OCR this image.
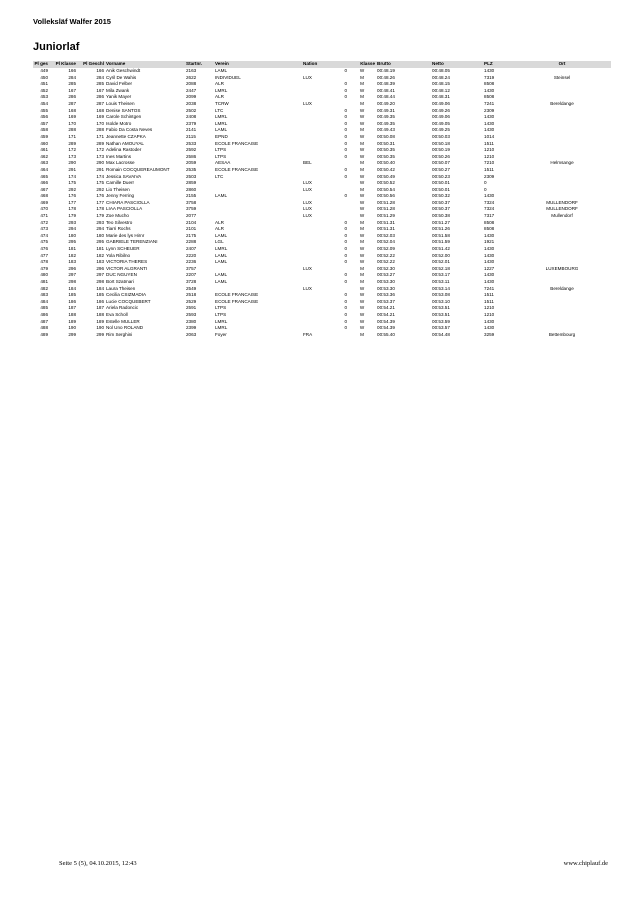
Volleksläf Walfer 2015
Juniorlaf
Pl ges	Pl Klasse	Pl Geschl	Vorname	Startnr.	Verein	Nation	Klasse		Brutto	Netto	PLZ	Ort
449	166	166	Anik Geschwindt	2163	LAML		0	W	00:48.19	00:48.05	1430	
450	284	284	Cyril De Wahis	2622	INDIVIDUEL	LUX		M	00:48.26	00:48.24	7319	Steinsel
451	285	285	David Felber	2088	ALR		0	M	00:48.39	00:48.15	8508	
452	167	167	Mila Zwank	2447	LMRL		0	W	00:48.41	00:48.12	1430	
453	286	286	Yanik Mayer	2099	ALR		0	M	00:48.44	00:48.31	8508	
454	287	287	Louis Theisen	2038	TCRW	LUX		M	00:49.20	00:49.06	7241	Bereldange
455	168	168	Denise SANTOS	2502	LTC		0	W	00:49.31	00:49.26	2309	
456	169	169	Carole Schintgen	2408	LMRL		0	W	00:49.35	00:49.06	1430	
457	170	170	Isolde Motro	2379	LMRL		0	W	00:49.35	00:49.05	1430	
458	288	288	Fabio Da Costa Neves	2141	LAML		0	M	00:49.43	00:49.25	1430	
459	171	171	Jeannette CZAPKA	2115	EPND		0	W	00:50.08	00:50.03	1014	
460	289	289	Nathan AMOUYAL	2533	ECOLE FRANCAISE		0	M	00:50.31	00:50.18	1511	
461	172	172	Adelina Rastoder	2592	LTPS		0	W	00:50.35	00:50.19	1210	
462	173	173	Ines Martins	2586	LTPS		0	W	00:50.35	00:50.26	1210	
463	290	290	Max Lacrosse	2059	AESAA	BEL		M	00:50.40	00:50.07	7210	Helmsange
464	291	291	Romain COCQUEREAUMONT	2535	ECOLE FRANCAISE		0	M	00:50.42	00:50.27	1511	
465	174	174	Jessica SAVAIVA	2503	LTC		0	W	00:50.49	00:50.23	2309	
466	175	175	Camille Duerr	2859		LUX		W	00:50.52	00:50.01	0	
467	292	292	Lio Theisen	2860		LUX		M	00:50.54	00:50.01	0	
468	176	176	Jenny Ferring	2155	LAML		0	W	00:50.56	00:50.32	1430	
469	177	177	CHIARA PASCIOLLA	3758		LUX		W	00:51.28	00:50.37	7324	MULLENDORF
470	178	178	LIAA PASCIOLLA	3759		LUX		W	00:51.28	00:50.37	7324	MULLENDORF
471	179	179	Zoe Mucho	2077		LUX		W	00:51.29	00:50.38	7317	Mullendorf
472	293	293	Teo Silvestro	2104	ALR		0	M	00:51.31	00:51.27	8508	
473	294	294	Tiarri Rochs	2101	ALR		0	M	00:51.31	00:51.26	8508	
474	180	180	Marie des lys Hirnr	2175	LAML		0	W	00:52.03	00:51.58	1430	
475	295	295	GABRIELE TERENZIANI	2288	LGL		0	M	00:52.04	00:51.59	1921	
476	181	181	Lynn SCHEUER	2407	LMRL		0	W	00:52.09	00:51.42	1430	
477	182	182	Yola Ribilno	2220	LAML		0	W	00:52.22	00:52.00	1430	
478	183	183	VICTORIA THERES	2236	LAML		0	W	00:52.22	00:52.01	1430	
479	296	296	VICTOR ALGRANTI	3757		LUX		M	00:52.30	00:52.18	1227	LUXEMBOURG
480	297	297	DUC NGUYEN	2207	LAML		0	M	00:53.27	00:53.17	1430	
481	298	298	Bort Szatmari	3728	LAML		0	M	00:53.30	00:53.11	1430	
482	184	184	Laura Theisen	2549		LUX		W	00:53.30	00:53.14	7241	Bereldange
483	185	185	Cecilia CSIZMADIA	2518	ECOLE FRANCAISE		0	W	00:53.36	00:53.08	1511	
484	186	186	Lucie COCQUEBERT	2529	ECOLE FRANCAISE		0	W	00:53.37	00:53.10	1511	
485	187	187	Ariela Radoncic	2591	LTPS		0	W	00:54.21	00:53.51	1210	
486	188	188	Eva Scholl	2593	LTPS		0	W	00:54.21	00:53.51	1210	
487	189	189	Estelle MULLER	2380	LMRL		0	W	00:54.39	00:53.59	1430	
488	190	190	Nol Uno ROLAND	2399	LMRL		0	W	00:54.39	00:53.57	1430	
489	299	299	Rim Serghini	2063	Foyer	FRA		M	00:55.40	00:54.48	3259	Bettembourg
Seite 5 (5), 04.10.2015, 12:43	www.chiplauf.de
